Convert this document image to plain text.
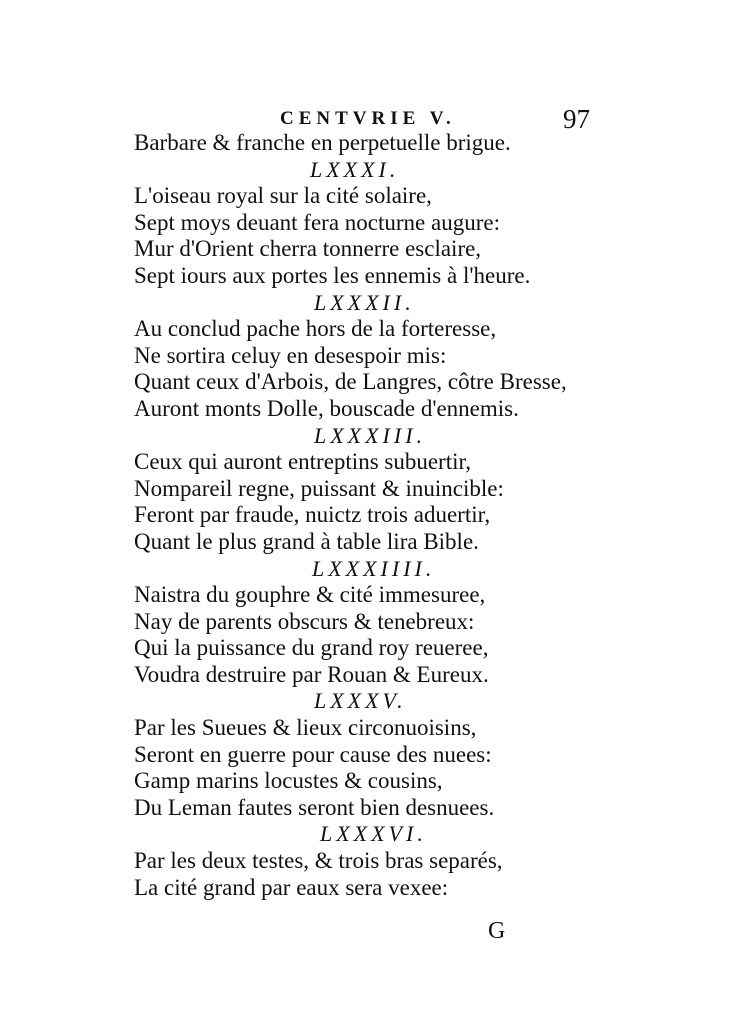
CENTVRIE V.	97
Barbare & franche en perpetuelle brigue.
LXXXI.
L'oiseau royal sur la cité solaire,
Sept moys deuant fera nocturne augure:
Mur d'Orient cherra tonnerre esclaire,
Sept iours aux portes les ennemis à l'heure.
LXXXII.
Au conclud pache hors de la forteresse,
Ne sortira celuy en desespoir mis:
Quant ceux d'Arbois, de Langres, côtre Bresse,
Auront monts Dolle, bouscade d'ennemis.
LXXXIII.
Ceux qui auront entreptins subuertir,
Nompareil regne, puissant & inuincible:
Feront par fraude, nuictz trois aduertir,
Quant le plus grand à table lira Bible.
LXXXIIII.
Naistra du gouphre & cité immesuree,
Nay de parents obscurs & tenebreux:
Qui la puissance du grand roy reueree,
Voudra destruire par Rouan & Eureux.
LXXXV.
Par les Sueues & lieux circonuoisins,
Seront en guerre pour cause des nuees:
Gamp marins locustes & cousins,
Du Leman fautes seront bien desnuees.
LXXXVI.
Par les deux testes, & trois bras separés,
La cité grand par eaux sera vexee:
G
